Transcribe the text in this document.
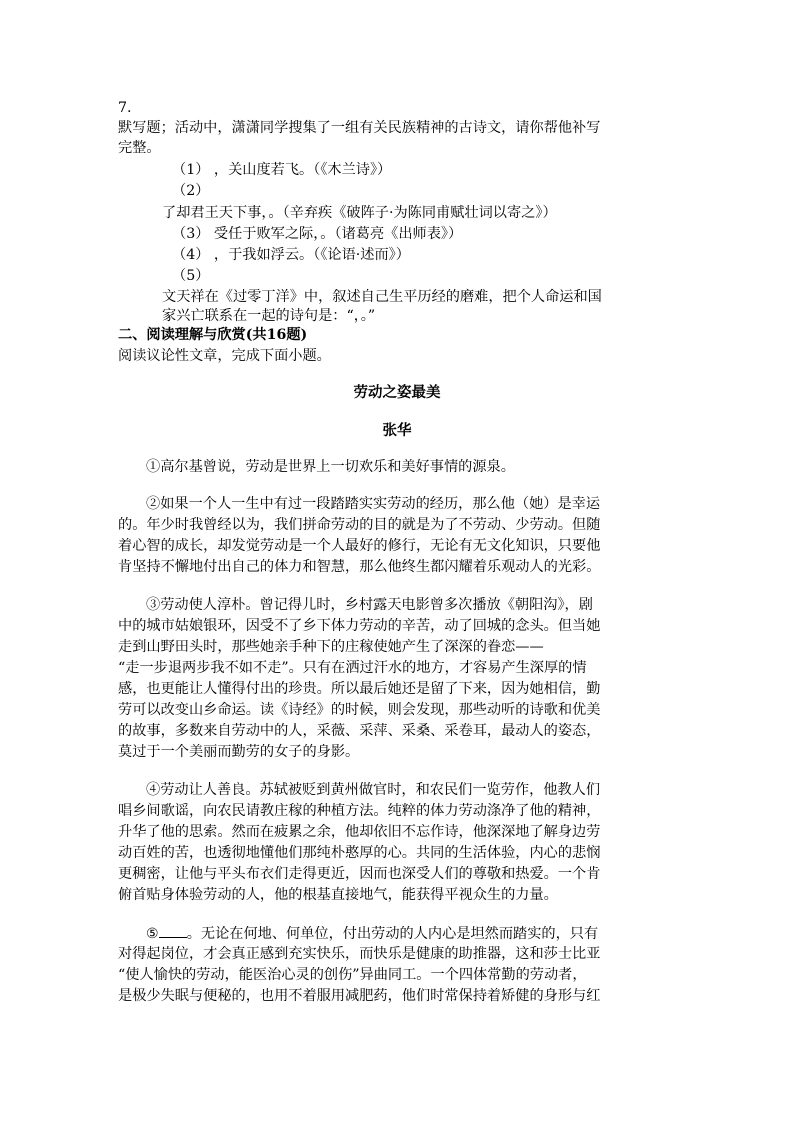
7.
默写题；活动中，潇潇同学搜集了一组有关民族精神的古诗文，请你帮他补写
完整。
（1） ，关山度若飞。（《木兰诗》）
（2）
了却君王天下事，。（辛弃疾《破阵子·为陈同甫赋壮词以寄之》）
（3） 受任于败军之际，。（诸葛亮《出师表》）
（4） ，于我如浮云。（《论语·述而》）
（5）
文天祥在《过零丁洋》中，叙述自己生平历经的磨难，把个人命运和国
家兴亡联系在一起的诗句是：“，。”
二、阅读理解与欣赏(共16题)
阅读议论性文章，完成下面小题。
劳动之姿最美
张华
①高尔基曾说，劳动是世界上一切欢乐和美好事情的源泉。
②如果一个人一生中有过一段踏踏实实劳动的经历，那么他（她）是幸运
的。年少时我曾经以为，我们拼命劳动的目的就是为了不劳动、少劳动。但随
着心智的成长，却发觉劳动是一个人最好的修行，无论有无文化知识，只要他
肯坚持不懈地付出自己的体力和智慧，那么他终生都闪耀着乐观动人的光彩。
③劳动使人淳朴。曾记得儿时，乡村露天电影曾多次播放《朝阳沟》，剧
中的城市姑娘银环，因受不了乡下体力劳动的辛苦，动了回城的念头。但当她
走到山野田头时，那些她亲手种下的庄稼使她产生了深深的眷恋——
“走一步退两步我不如不走”。只有在洒过汗水的地方，才容易产生深厚的情
感，也更能让人懂得付出的珍贵。所以最后她还是留了下来，因为她相信，勤
劳可以改变山乡命运。读《诗经》的时候，则会发现，那些动听的诗歌和优美
的故事，多数来自劳动中的人，采薇、采萍、采桑、采卷耳，最动人的姿态，
莫过于一个美丽而勤劳的女子的身影。
④劳动让人善良。苏轼被贬到黄州做官时，和农民们一览劳作，他教人们
唱乡间歌谣，向农民请教庄稼的种植方法。纯粹的体力劳动涤净了他的精神，
升华了他的思索。然而在疲累之余，他却依旧不忘作诗，他深深地了解身边劳
动百姓的苦，也透彻地懂他们那纯朴憨厚的心。共同的生活体验，内心的悲悯
更稠密，让他与平头布衣们走得更近，因而也深受人们的尊敬和热爱。一个肯
俯首贴身体验劳动的人，他的根基直接地气，能获得平视众生的力量。
⑤ 。无论在何地、何单位，付出劳动的人内心是坦然而踏实的，只有
对得起岗位，才会真正感到充实快乐，而快乐是健康的助推器，这和莎士比亚
“使人愉快的劳动，能医治心灵的创伤”异曲同工。一个四体常勤的劳动者，
是极少失眠与便秘的，也用不着服用减肥药，他们时常保持着矫健的身形与红
